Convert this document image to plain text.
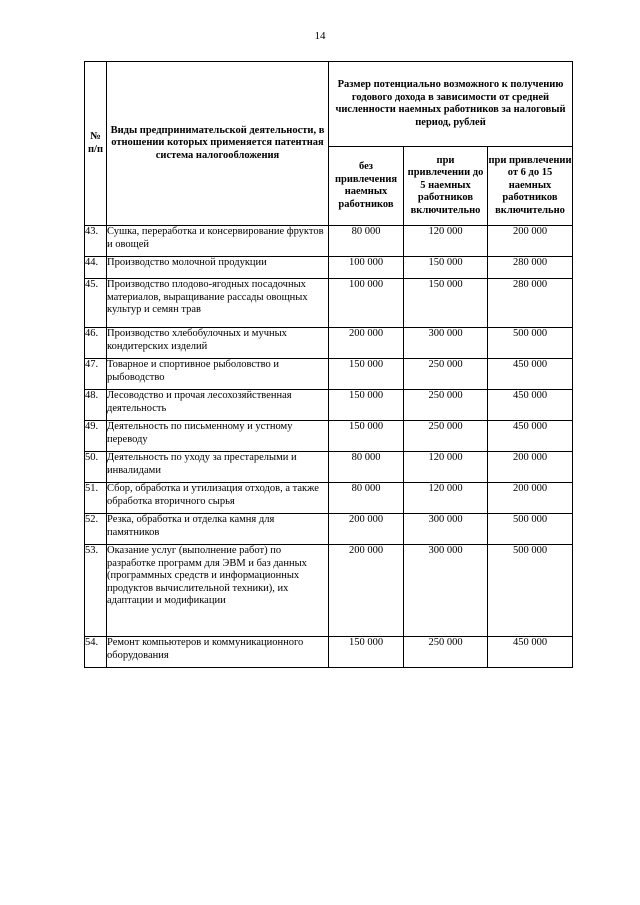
14
№
п/п	Виды предпринимательской деятельности, в отношении которых применяется патентная система налогообложения	Размер потенциально возможного к получению годового дохода в зависимости от средней численности наемных работников за налоговый период, рублей		
		без привлечения наемных работников	при привлечении до 5 наемных работников включительно	при привлечении от 6 до 15 наемных работников включительно

43.	Сушка, переработка и консервирование фруктов и овощей	80 000	120 000	200 000
44.	Производство молочной продукции	100 000	150 000	280 000
45.	Производство плодово-ягодных посадочных материалов, выращивание рассады овощных культур и семян трав	100 000	150 000	280 000
46.	Производство хлебобулочных и мучных кондитерских изделий	200 000	300 000	500 000
47.	Товарное и спортивное рыболовство и рыбоводство	150 000	250 000	450 000
48.	Лесоводство и прочая лесохозяйственная деятельность	150 000	250 000	450 000
49.	Деятельность по письменному и устному переводу	150 000	250 000	450 000
50.	Деятельность по уходу за престарелыми и инвалидами	80 000	120 000	200 000
51.	Сбор, обработка и утилизация отходов, а также обработка вторичного сырья	80 000	120 000	200 000
52.	Резка, обработка и отделка камня для памятников	200 000	300 000	500 000
53.	Оказание услуг (выполнение работ) по разработке программ для ЭВМ и баз данных (программных средств и информационных продуктов вычислительной техники), их адаптации и модификации	200 000	300 000	500 000
54.	Ремонт компьютеров и коммуникационного оборудования	150 000	250 000	450 000
